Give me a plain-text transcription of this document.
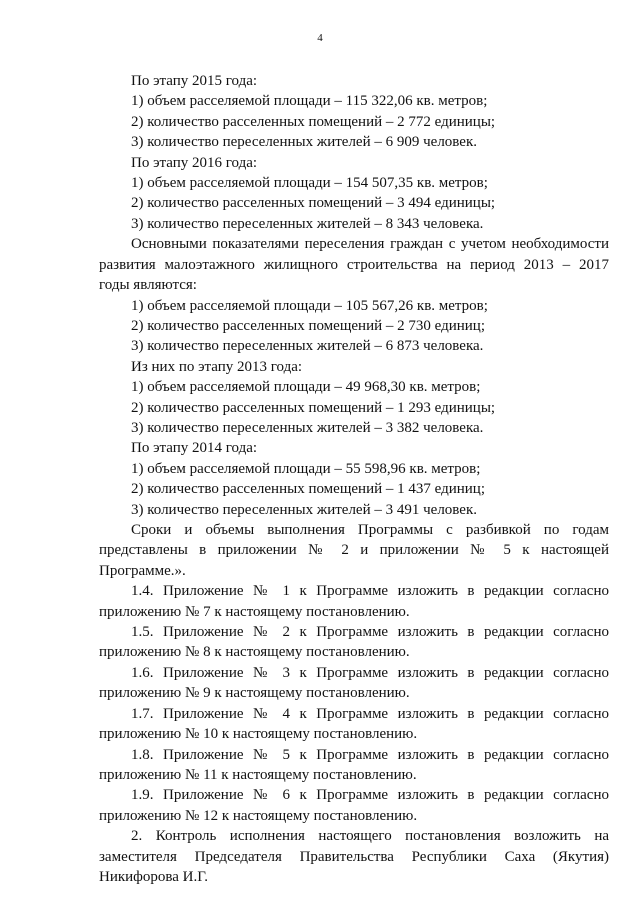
4
По этапу 2015 года:
1) объем расселяемой площади – 115 322,06 кв. метров;
2) количество расселенных помещений – 2 772 единицы;
3) количество переселенных жителей – 6 909 человек.
По этапу 2016 года:
1) объем расселяемой площади – 154 507,35 кв. метров;
2) количество расселенных помещений – 3 494 единицы;
3) количество переселенных жителей – 8 343 человека.
Основными показателями переселения граждан с учетом необходимости
развития малоэтажного жилищного строительства на период 2013 – 2017
годы являются:
1) объем расселяемой площади – 105 567,26 кв. метров;
2) количество расселенных помещений – 2 730 единиц;
3) количество переселенных жителей – 6 873 человека.
Из них по этапу 2013 года:
1) объем расселяемой площади – 49 968,30 кв. метров;
2) количество расселенных помещений – 1 293 единицы;
3) количество переселенных жителей – 3 382 человека.
По этапу 2014 года:
1) объем расселяемой площади – 55 598,96 кв. метров;
2) количество расселенных помещений – 1 437 единиц;
3) количество переселенных жителей – 3 491 человек.
Сроки и объемы выполнения Программы с разбивкой по годам
представлены в приложении № 2 и приложении № 5 к настоящей
Программе.».
1.4. Приложение № 1 к Программе изложить в редакции согласно
приложению № 7 к настоящему постановлению.
1.5. Приложение № 2 к Программе изложить в редакции согласно
приложению № 8 к настоящему постановлению.
1.6. Приложение № 3 к Программе изложить в редакции согласно
приложению № 9 к настоящему постановлению.
1.7. Приложение № 4 к Программе изложить в редакции согласно
приложению № 10 к настоящему постановлению.
1.8. Приложение № 5 к Программе изложить в редакции согласно
приложению № 11 к настоящему постановлению.
1.9. Приложение № 6 к Программе изложить в редакции согласно
приложению № 12 к настоящему постановлению.
2. Контроль исполнения настоящего постановления возложить на
заместителя Председателя Правительства Республики Саха (Якутия)
Никифорова И.Г.
